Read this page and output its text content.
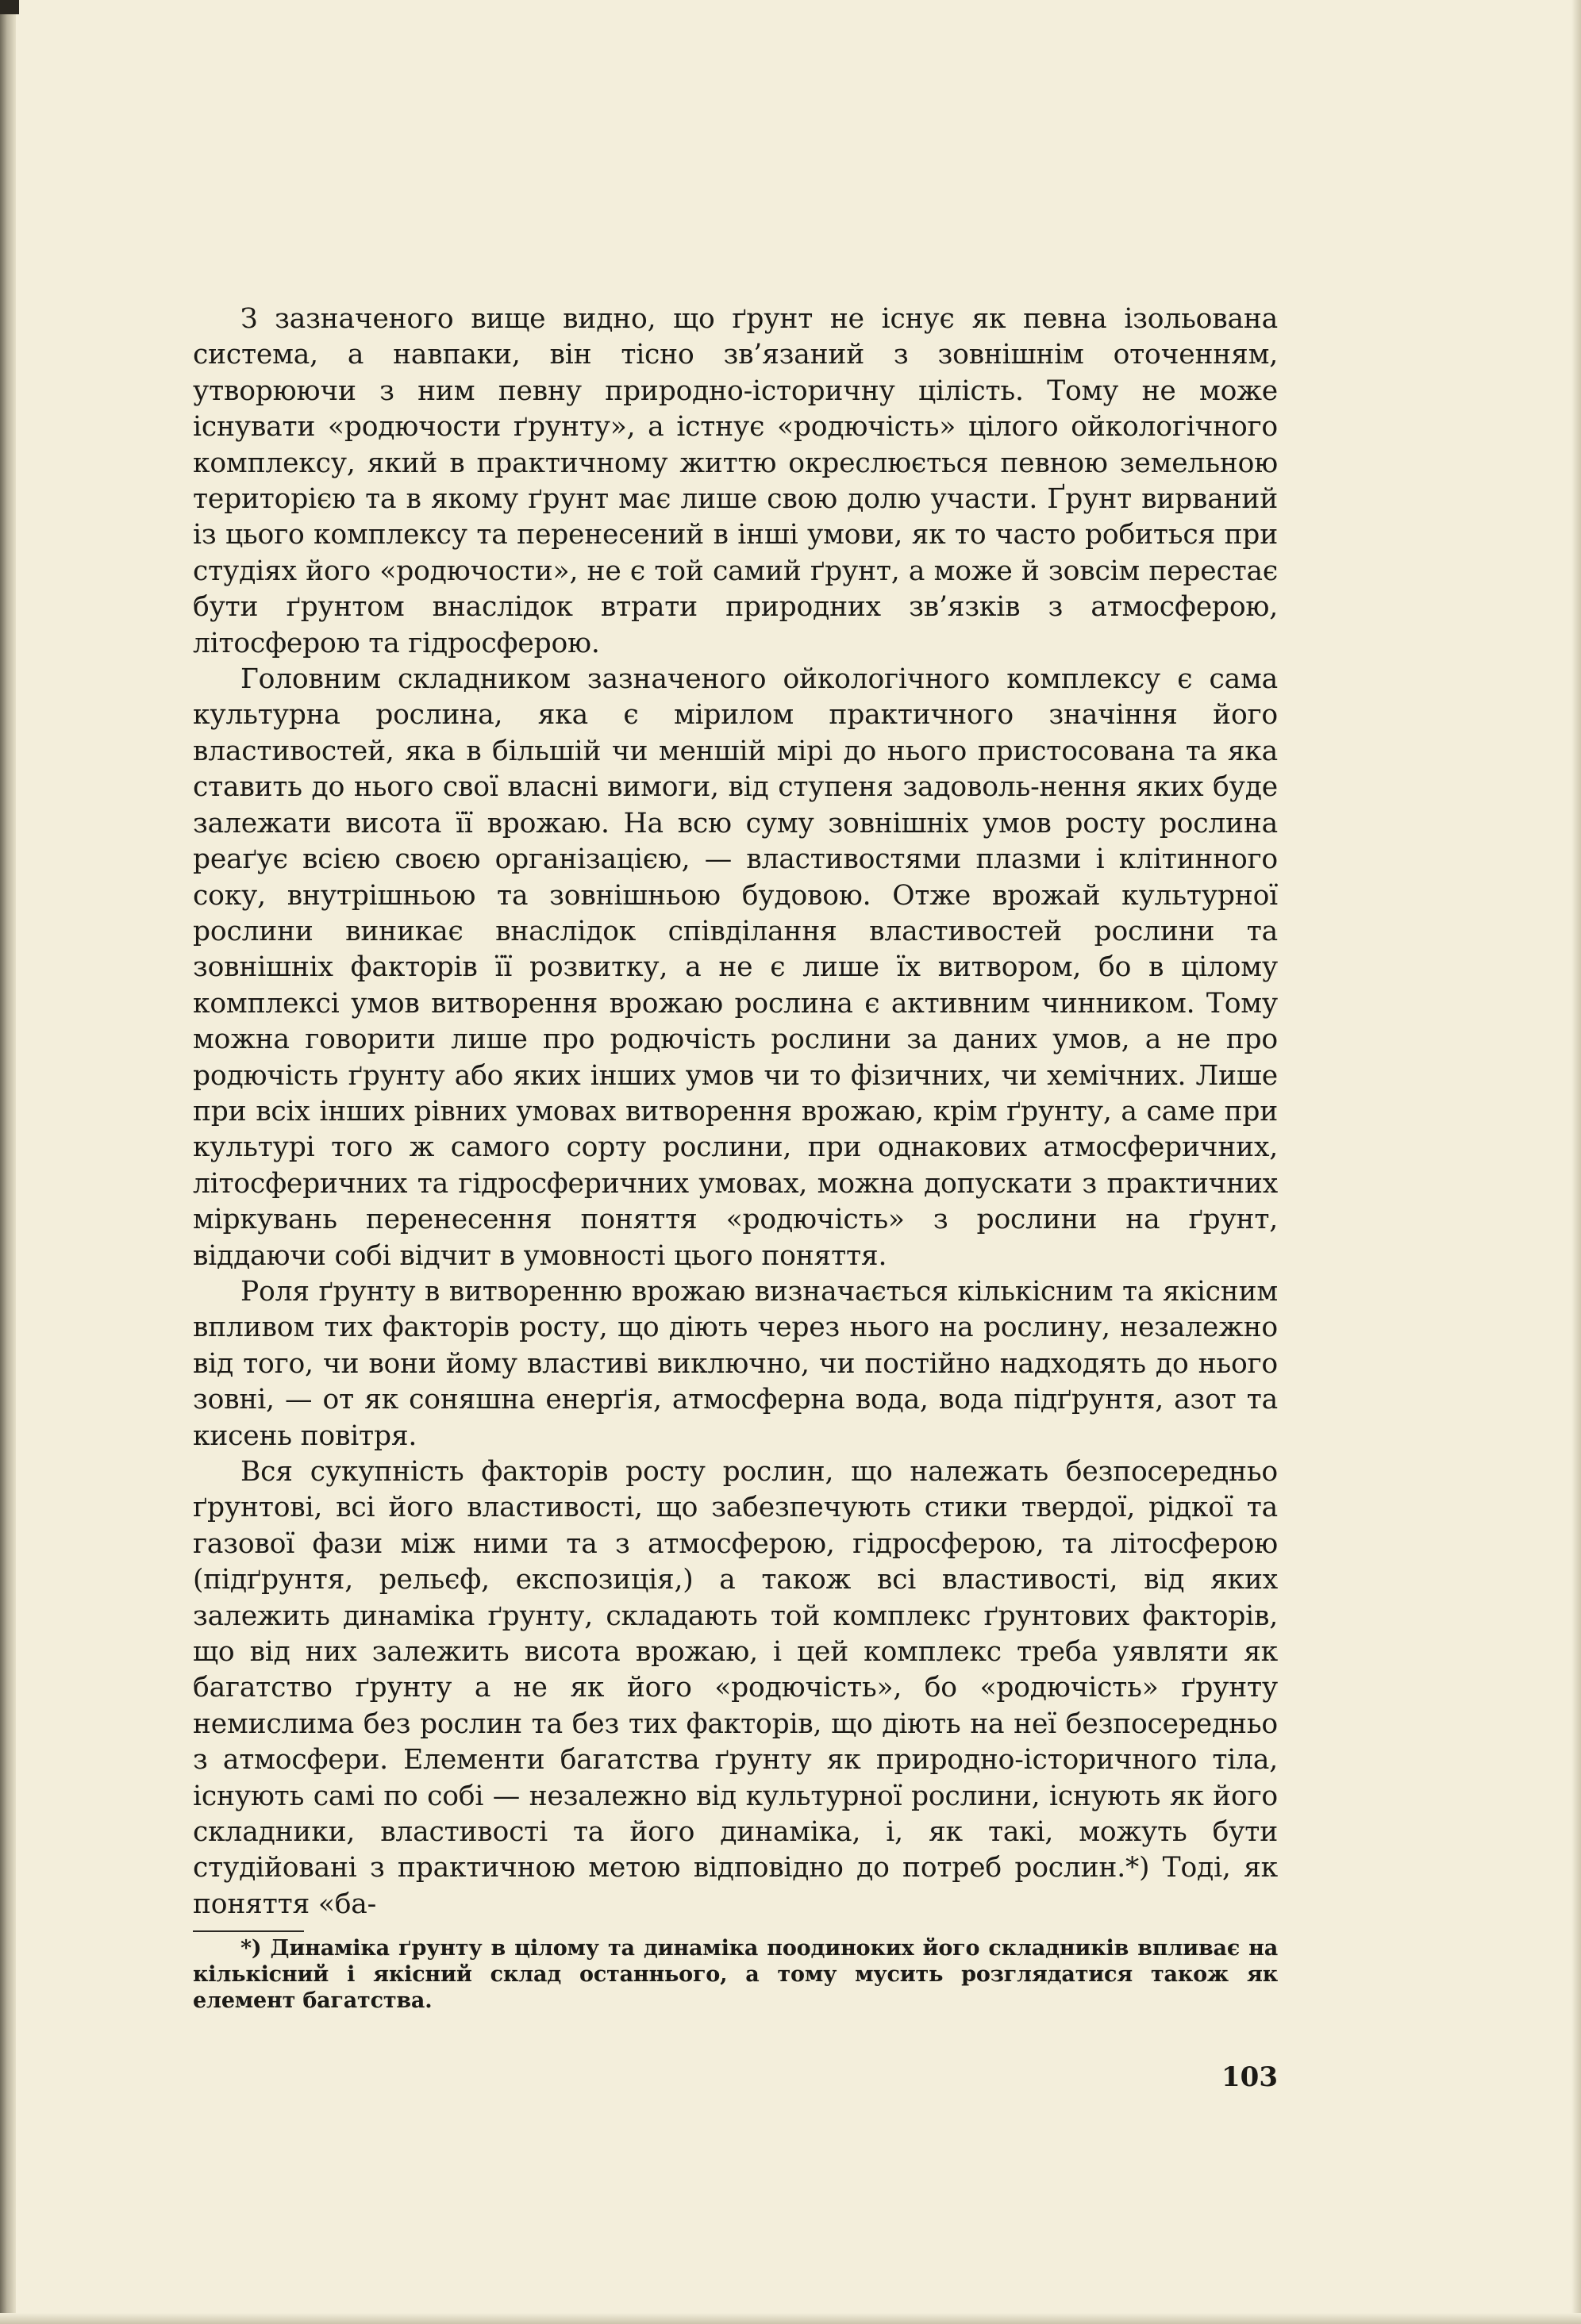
З зазначеного вище видно, що ґрунт не існує як певна ізольована система, а навпаки, він тісно зв’язаний з зовнішнім оточенням, утворюючи з ним певну природно-історичну цілість. Тому не може існувати «родючости ґрунту», а істнує «родючість» цілого ойкологічного комплексу, який в практичному життю окреслюється певною земельною територією та в якому ґрунт має лише свою долю участи. Ґрунт вирваний із цього комплексу та перенесений в інші умови, як то часто робиться при студіях його «родючости», не є той самий ґрунт, а може й зовсім перестає бути ґрунтом внаслідок втрати природних зв’язків з атмосферою, літосферою та гідросферою.

Головним складником зазначеного ойкологічного комплексу є сама культурна рослина, яка є мірилом практичного значіння його властивостей, яка в більшій чи меншій мірі до нього пристосована та яка ставить до нього свої власні вимоги, від ступеня задоволь-нення яких буде залежати висота її врожаю. На всю суму зовнішніх умов росту рослина реаґує всією своєю організацією, — властивостями плазми і клітинного соку, внутрішньою та зовнішньою будовою. Отже врожай культурної рослини виникає внаслідок співділання властивостей рослини та зовнішніх факторів її розвитку, а не є лише їх витвором, бо в цілому комплексі умов витворення врожаю рослина є активним чинником. Тому можна говорити лише про родючість рослини за даних умов, а не про родючість ґрунту або яких інших умов чи то фізичних, чи хемічних. Лише при всіх інших рівних умовах витворення врожаю, крім ґрунту, а саме при культурі того ж самого сорту рослини, при однакових атмосферичних, літосферичних та гідросферичних умовах, можна допускати з практичних міркувань перенесення поняття «родючість» з рослини на ґрунт, віддаючи собі відчит в умовності цього поняття.

Роля ґрунту в витворенню врожаю визначається кількісним та якісним впливом тих факторів росту, що діють через нього на рослину, незалежно від того, чи вони йому властиві виключно, чи постійно надходять до нього зовні, — от як соняшна енерґія, атмосферна вода, вода підґрунтя, азот та кисень повітря.

Вся сукупність факторів росту рослин, що належать безпосередньо ґрунтові, всі його властивості, що забезпечують стики твердої, рідкої та газової фази між ними та з атмосферою, гідросферою, та літосферою (підґрунтя, рельєф, експозиція,) а також всі властивості, від яких залежить динаміка ґрунту, складають той комплекс ґрунтових факторів, що від них залежить висота врожаю, і цей комплекс треба уявляти як багатство ґрунту а не як його «родючість», бо «родючість» ґрунту немислима без рослин та без тих факторів, що діють на неї безпосередньо з атмосфери. Елементи багатства ґрунту як природно-історичного тіла, існують самі по собі — незалежно від культурної рослини, існують як його складники, властивості та його динаміка, і, як такі, можуть бути студійовані з практичною метою відповідно до потреб рослин.*) Тоді, як поняття «ба-

*) Динаміка ґрунту в цілому та динаміка поодиноких його складників впливає на кількісний і якісний склад останнього, а тому мусить розглядатися також як елемент багатства.

103
